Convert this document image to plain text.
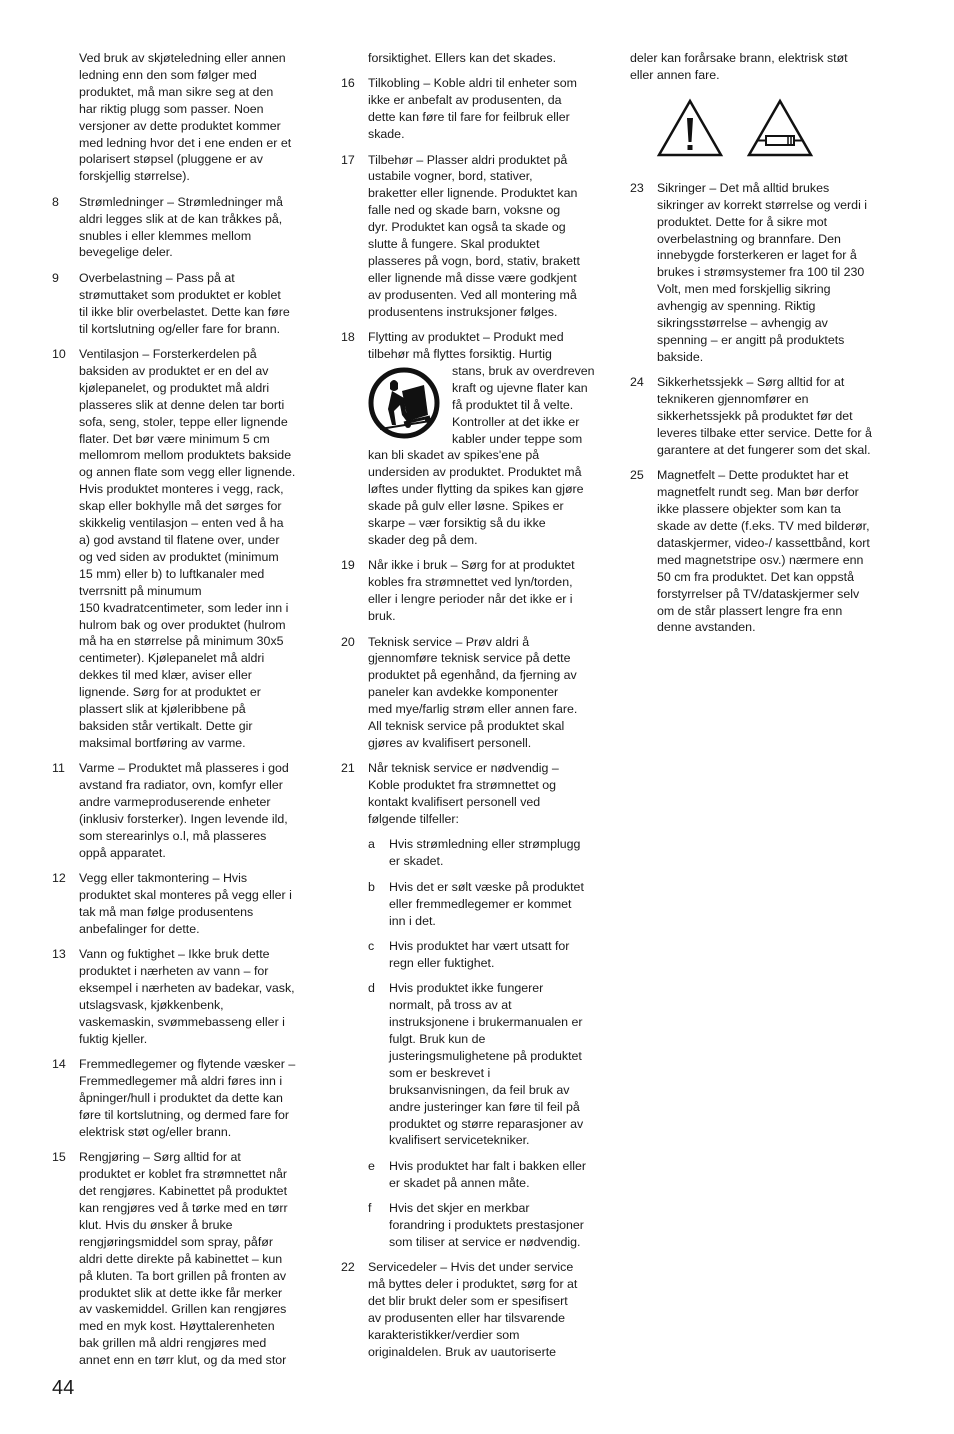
Ved bruk av skjøteledning eller annen
ledning enn den som følger med
produktet, må man sikre seg at den
har riktig plugg som passer. Noen
versjoner av dette produktet kommer
med ledning hvor det i ene enden er et
polarisert støpsel (pluggene er av
forskjellig størrelse).
8	Strømledninger – Strømledninger må
aldri legges slik at de kan tråkkes på,
snubles i eller klemmes mellom
bevegelige deler.
9	Overbelastning – Pass på at
strømuttaket som produktet er koblet
til ikke blir overbelastet. Dette kan føre
til kortslutning og/eller fare for brann.
10	Ventilasjon – Forsterkerdelen på
baksiden av produktet er en del av
kjølepanelet, og produktet må aldri
plasseres slik at denne delen tar borti
sofa, seng, stoler, teppe eller lignende
flater. Det bør være minimum 5 cm
mellomrom mellom produktets bakside
og annen flate som vegg eller lignende.
Hvis produktet monteres i vegg, rack,
skap eller bokhylle må det sørges for
skikkelig ventilasjon – enten ved å ha
a) god avstand til flatene over, under
og ved siden av produktet (minimum
15 mm) eller b) to luftkanaler med
tverrsnitt på minumum
150 kvadratcentimeter, som leder inn i
hulrom bak og over produktet (hulrom
må ha en størrelse på minimum 30x5
centimeter). Kjølepanelet må aldri
dekkes til med klær, aviser eller
lignende. Sørg for at produktet er
plassert slik at kjøleribbene på
baksiden står vertikalt. Dette gir
maksimal bortføring av varme.
11	Varme – Produktet må plasseres i god
avstand fra radiator, ovn, komfyr eller
andre varmeproduserende enheter
(inklusiv forsterker). Ingen levende ild,
som sterearinlys o.l, må plasseres
oppå apparatet.
12	Vegg eller takmontering – Hvis
produktet skal monteres på vegg eller i
tak må man følge produsentens
anbefalinger for dette.
13	Vann og fuktighet – Ikke bruk dette
produktet i nærheten av vann – for
eksempel i nærheten av badekar, vask,
utslagsvask, kjøkkenbenk,
vaskemaskin, svømmebasseng eller i
fuktig kjeller.
14	Fremmedlegemer og flytende væsker –
Fremmedlegemer må aldri føres inn i
åpninger/hull i produktet da dette kan
føre til kortslutning, og dermed fare for
elektrisk støt og/eller brann.
15	Rengjøring – Sørg alltid for at
produktet er koblet fra strømnettet når
det rengjøres. Kabinettet på produktet
kan rengjøres ved å tørke med en tørr
klut. Hvis du ønsker å bruke
rengjøringsmiddel som spray, påfør
aldri dette direkte på kabinettet – kun
på kluten. Ta bort grillen på fronten av
produktet slik at dette ikke får merker
av vaskemiddel. Grillen kan rengjøres
med en myk kost. Høyttalerenheten
bak grillen må aldri rengjøres med
annet enn en tørr klut, og da med stor
forsiktighet. Ellers kan det skades.
16	Tilkobling – Koble aldri til enheter som
ikke er anbefalt av produsenten, da
dette kan føre til fare for feilbruk eller
skade.
17	Tilbehør – Plasser aldri produktet på
ustabile vogner, bord, stativer,
braketter eller lignende. Produktet kan
falle ned og skade barn, voksne og
dyr. Produktet kan også ta skade og
slutte å fungere. Skal produktet
plasseres på vogn, bord, stativ, brakett
eller lignende må disse være godkjent
av produsenten. Ved all montering må
produsentens instruksjoner følges.
18	Flytting av produktet – Produkt med
tilbehør må flyttes forsiktig. Hurtig
stans, bruk av overdreven
kraft og ujevne flater kan
få produktet til å velte.
Kontroller at det ikke er
kabler under teppe som
kan bli skadet av spikes'ene på
undersiden av produktet. Produktet må
løftes under flytting da spikes kan gjøre
skade på gulv eller løsne. Spikes er
skarpe – vær forsiktig så du ikke
skader deg på dem.
19	Når ikke i bruk – Sørg for at produktet
kobles fra strømnettet ved lyn/torden,
eller i lengre perioder når det ikke er i
bruk.
20	Teknisk service – Prøv aldri å
gjennomføre teknisk service på dette
produktet på egenhånd, da fjerning av
paneler kan avdekke komponenter
med mye/farlig strøm eller annen fare.
All teknisk service på produktet skal
gjøres av kvalifisert personell.
21	Når teknisk service er nødvendig –
Koble produktet fra strømnettet og
kontakt kvalifisert personell ved
følgende tilfeller:
a	Hvis strømledning eller strømplugg
er skadet.
b	Hvis det er sølt væske på produktet
eller fremmedlegemer er kommet
inn i det.
c	Hvis produktet har vært utsatt for
regn eller fuktighet.
d	Hvis produktet ikke fungerer
normalt, på tross av at
instruksjonene i brukermanualen er
fulgt. Bruk kun de
justeringsmulighetene på produktet
som er beskrevet i
bruksanvisningen, da feil bruk av
andre justeringer kan føre til feil på
produktet og større reparasjoner av
kvalifisert servicetekniker.
e	Hvis produktet har falt i bakken eller
er skadet på annen måte.
f	Hvis det skjer en merkbar
forandring i produktets prestasjoner
som tiliser at service er nødvendig.
22	Servicedeler – Hvis det under service
må byttes deler i produktet, sørg for at
det blir brukt deler som er spesifisert
av produsenten eller har tilsvarende
karakteristikker/verdier som
originaldelen. Bruk av uautoriserte
deler kan forårsake brann, elektrisk støt
eller annen fare.
23	Sikringer – Det må alltid brukes
sikringer av korrekt størrelse og verdi i
produktet. Dette for å sikre mot
overbelastning og brannfare. Den
innebygde forsterkeren er laget for å
brukes i strømsystemer fra 100 til 230
Volt, men med forskjellig sikring
avhengig av spenning. Riktig
sikringsstørrelse – avhengig av
spenning – er angitt på produktets
bakside.
24	Sikkerhetssjekk – Sørg alltid for at
teknikeren gjennomfører en
sikkerhetssjekk på produktet før det
leveres tilbake etter service. Dette for å
garantere at det fungerer som det skal.
25	Magnetfelt – Dette produktet har et
magnetfelt rundt seg. Man bør derfor
ikke plassere objekter som kan ta
skade av dette (f.eks. TV med bilderør,
dataskjermer, video-/ kassettbånd, kort
med magnetstripe osv.) nærmere enn
50 cm fra produktet. Det kan oppstå
forstyrrelser på TV/dataskjermer selv
om de står plassert lengre fra enn
denne avstanden.
44
